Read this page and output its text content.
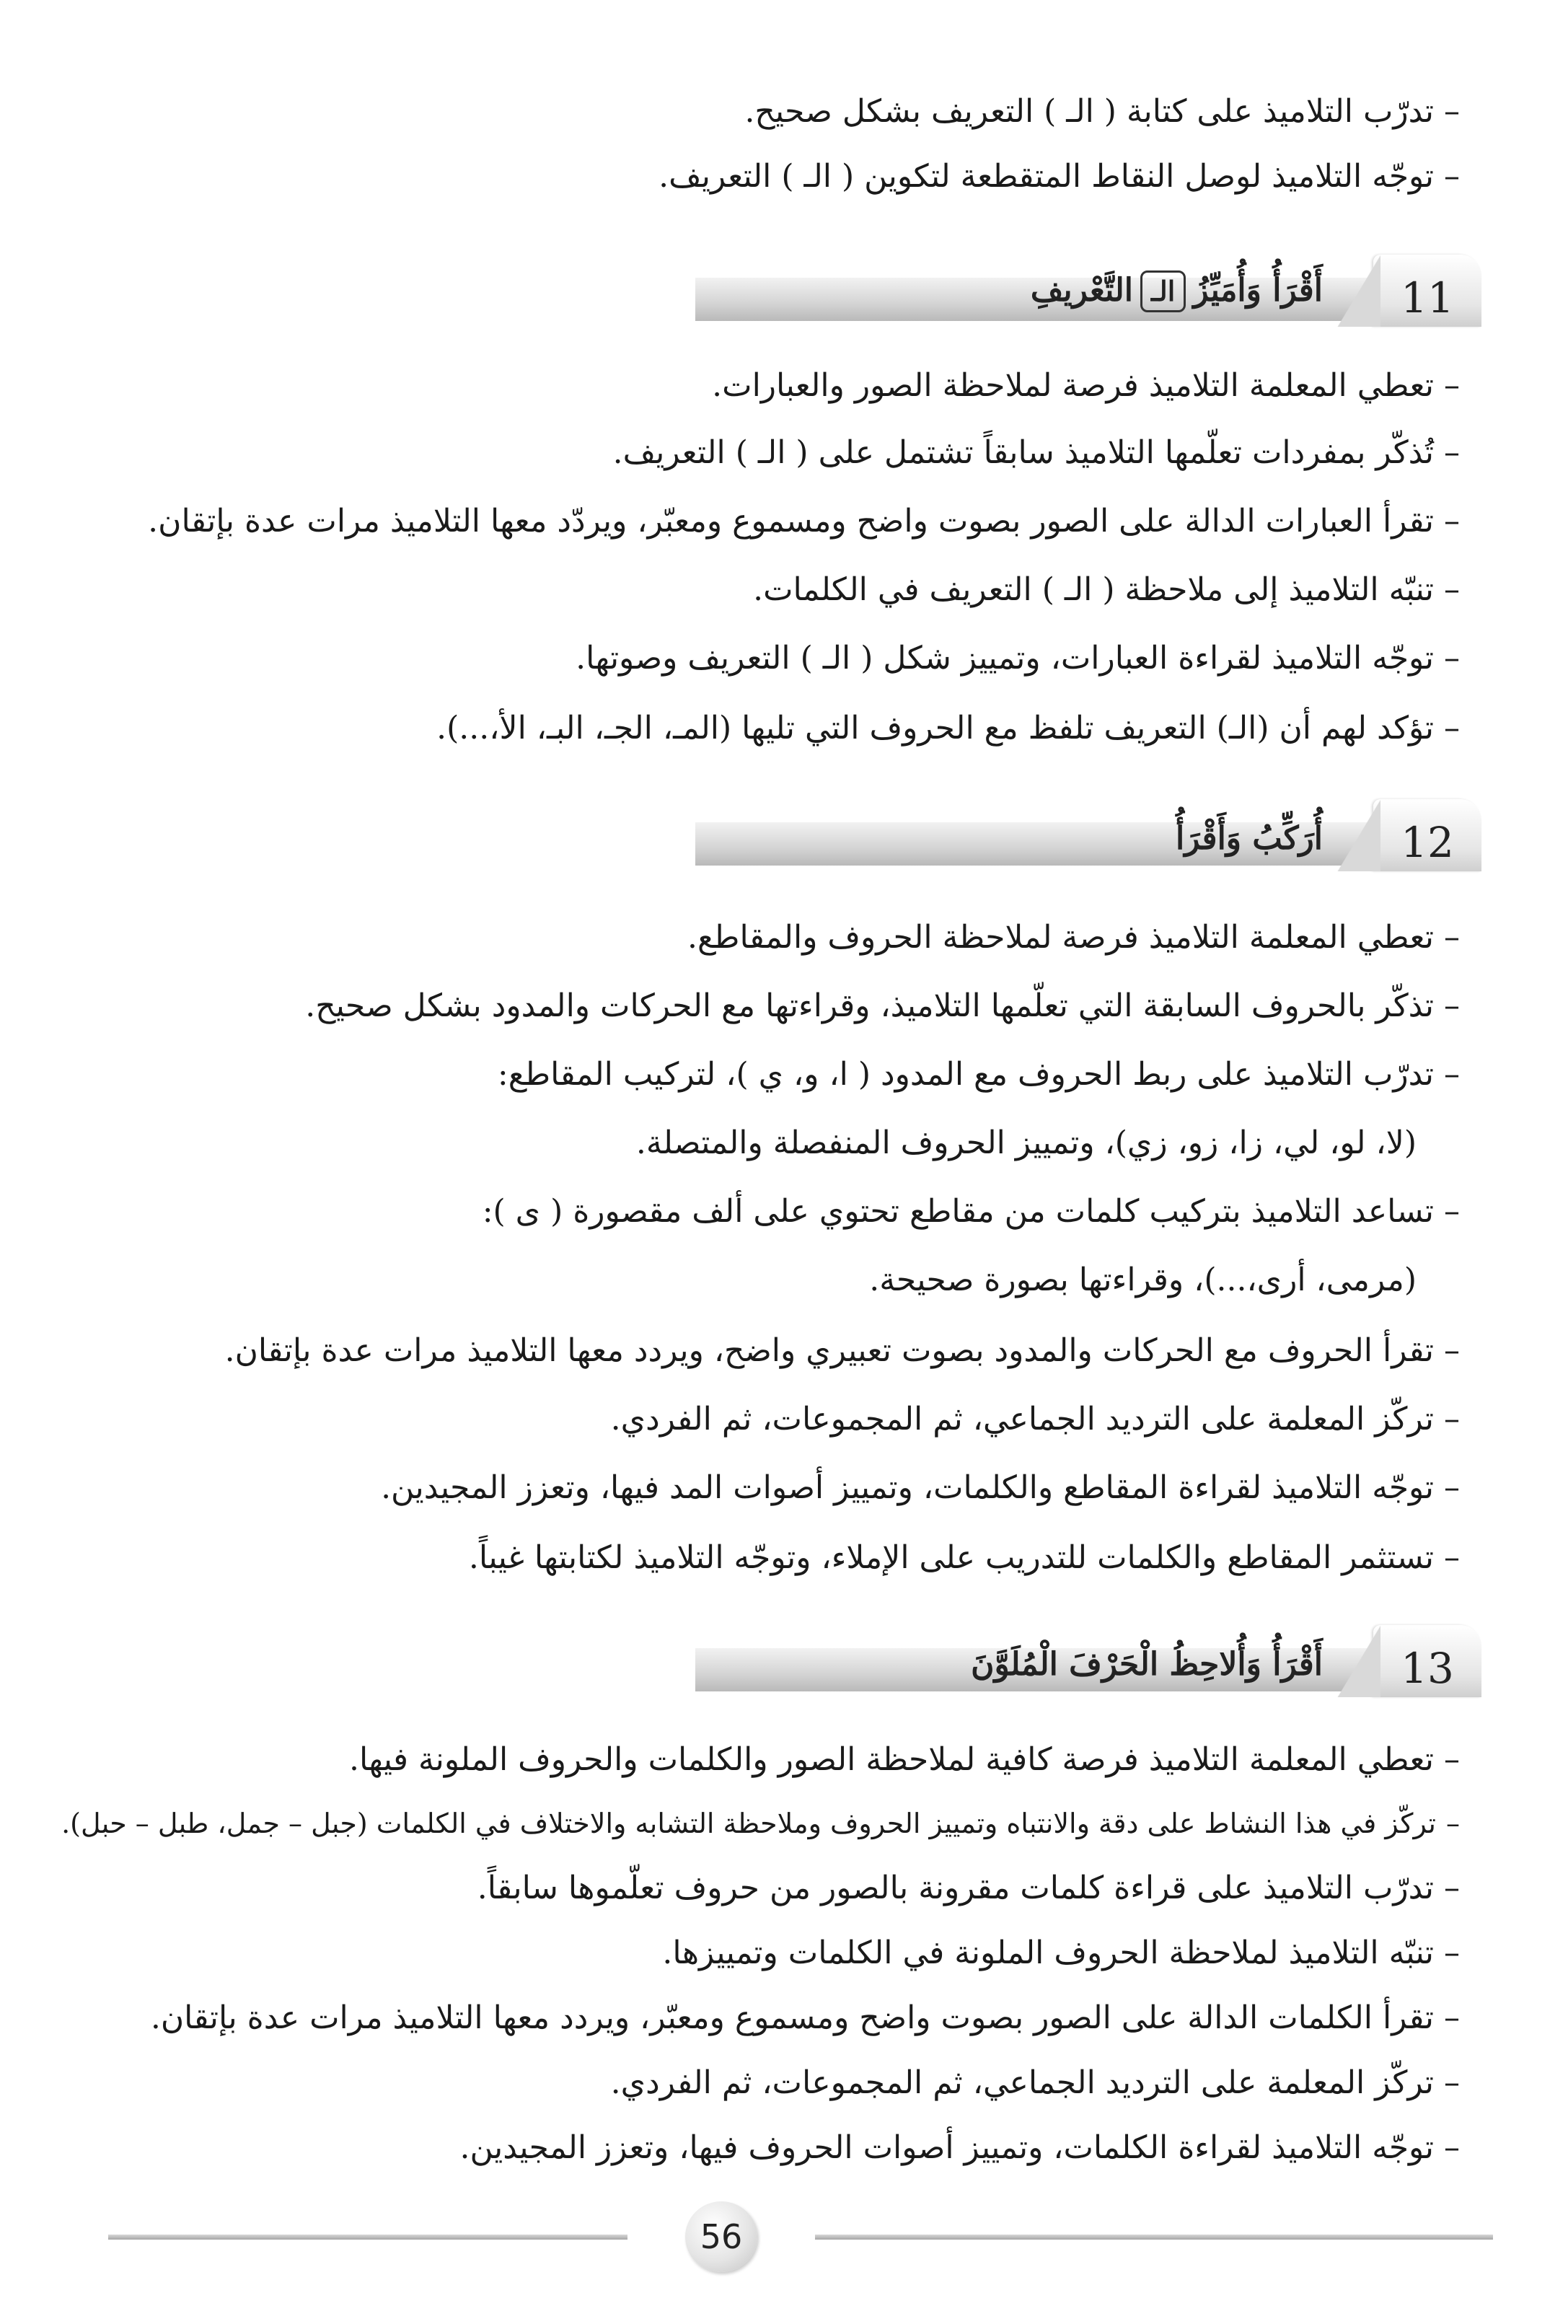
–تدرّب التلاميذ على كتابة ( الـ ) التعريف بشكل صحيح.
–توجّه التلاميذ لوصل النقاط المتقطعة لتكوين ( الـ ) التعريف.
11
أَقْرَأُ وَأُمَيِّزُالـالتَّعْريفِ
–تعطي المعلمة التلاميذ فرصة لملاحظة الصور والعبارات.
–تُذكّر بمفردات تعلّمها التلاميذ سابقاً تشتمل على ( الـ ) التعريف.
–تقرأ العبارات الدالة على الصور بصوت واضح ومسموع ومعبّر، ويردّد معها التلاميذ مرات عدة بإتقان.
–تنبّه التلاميذ إلى ملاحظة ( الـ ) التعريف في الكلمات.
–توجّه التلاميذ لقراءة العبارات، وتمييز شكل ( الـ ) التعريف وصوتها.
–تؤكد لهم أن (الـ) التعريف تلفظ مع الحروف التي تليها (المـ، الجـ، البـ، الأ،...).
12
أُرَكِّبُ وَأَقْرَأُ
–تعطي المعلمة التلاميذ فرصة لملاحظة الحروف والمقاطع.
–تذكّر بالحروف السابقة التي تعلّمها التلاميذ، وقراءتها مع الحركات والمدود بشكل صحيح.
–تدرّب التلاميذ على ربط الحروف مع المدود ( ا، و، ي )، لتركيب المقاطع:
(لا، لو، لي، زا، زو، زي)، وتمييز الحروف المنفصلة والمتصلة.
–تساعد التلاميذ بتركيب كلمات من مقاطع تحتوي على ألف مقصورة ( ى ):
(مرمى، أرى،...)، وقراءتها بصورة صحيحة.
–تقرأ الحروف مع الحركات والمدود بصوت تعبيري واضح، ويردد معها التلاميذ مرات عدة بإتقان.
–تركّز المعلمة على الترديد الجماعي، ثم المجموعات، ثم الفردي.
–توجّه التلاميذ لقراءة المقاطع والكلمات، وتمييز أصوات المد فيها، وتعزز المجيدين.
–تستثمر المقاطع والكلمات للتدريب على الإملاء، وتوجّه التلاميذ لكتابتها غيباً.
13
أَقْرَأُ وَأُلاحِظُ الْحَرْفَ الْمُلَوَّنَ
–تعطي المعلمة التلاميذ فرصة كافية لملاحظة الصور والكلمات والحروف الملونة فيها.
–تركّز في هذا النشاط على دقة والانتباه وتمييز الحروف وملاحظة التشابه والاختلاف في الكلمات (جبل – جمل، طبل – حبل).
–تدرّب التلاميذ على قراءة كلمات مقرونة بالصور من حروف تعلّموها سابقاً.
–تنبّه التلاميذ لملاحظة الحروف الملونة في الكلمات وتمييزها.
–تقرأ الكلمات الدالة على الصور بصوت واضح ومسموع ومعبّر، ويردد معها التلاميذ مرات عدة بإتقان.
–تركّز المعلمة على الترديد الجماعي، ثم المجموعات، ثم الفردي.
–توجّه التلاميذ لقراءة الكلمات، وتمييز أصوات الحروف فيها، وتعزز المجيدين.
56
